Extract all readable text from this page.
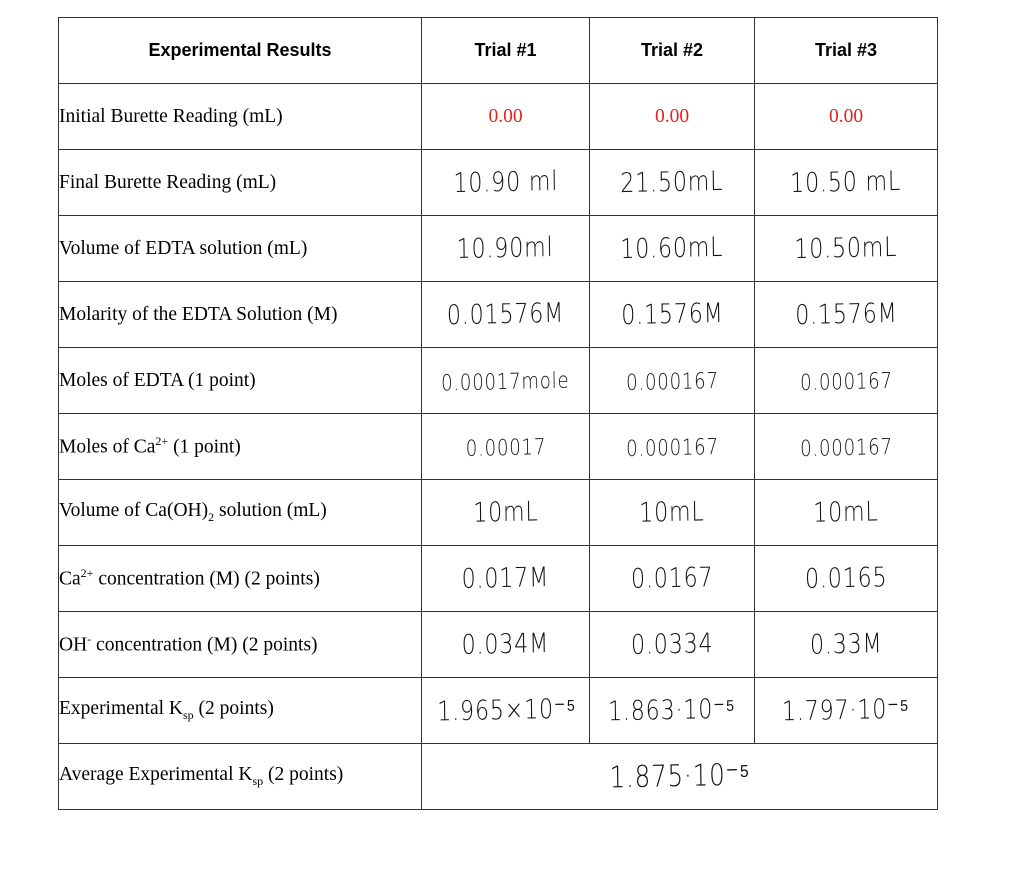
Experimental Results	Trial #1	Trial #2	Trial #3
Initial Burette Reading (mL)	0.00	0.00	0.00
Final Burette Reading (mL)	10.90 ml	21.50mL	10.50 mL
Volume of EDTA solution (mL)	10.90ml	10.60mL	10.50mL
Molarity of the EDTA Solution (M)	0.01576M	0.1576M	0.1576M
Moles of EDTA (1 point)	0.00017mole	0.000167	0.000167
Moles of $Ca^{2+}$ (1 point)	0.00017	0.000167	0.000167
Volume of $Ca(OH)_2$ solution (mL)	10mL	10mL	10mL
$Ca^{2+}$ concentration (M) (2 points)	0.017M	0.0167	0.0165
OH- concentration (M) (2 points)	0.034M	0.0334	0.33M
Experimental $K_{sp}$ (2 points)	1.965×10⁻⁵	1.863·10⁻⁵	1.797·10⁻⁵
Average Experimental $K_{sp}$ (2 points)	1.875·10⁻⁵		
